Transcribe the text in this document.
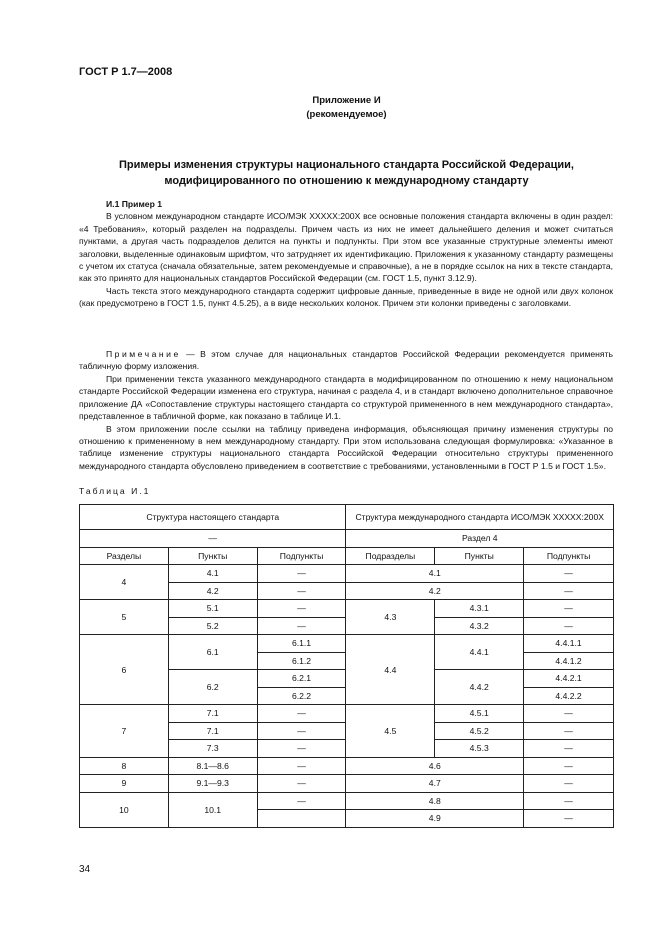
ГОСТ Р 1.7—2008
Приложение И
(рекомендуемое)
Примеры изменения структуры национального стандарта Российской Федерации,
модифицированного по отношению к международному стандарту

И.1 Пример 1

В условном международном стандарте ИСО/МЭК XXXXX:200X все основные положения стандарта включены в один раздел: «4 Требования», который разделен на подразделы. Причем часть из них не имеет дальнейшего деления и может считаться пунктами, а другая часть подразделов делится на пункты и подпункты. При этом все указанные структурные элементы имеют заголовки, выделенные одинаковым шрифтом, что затрудняет их идентификацию. Приложения к указанному стандарту размещены с учетом их статуса (сначала обязательные, затем рекомендуемые и справочные), а не в порядке ссылок на них в тексте стандарта, как это принято для национальных стандартов Российской Федерации (см. ГОСТ 1.5, пункт 3.12.9).

Часть текста этого международного стандарта содержит цифровые данные, приведенные в виде не одной или двух колонок (как предусмотрено в ГОСТ 1.5, пункт 4.5.25), а в виде нескольких колонок. Причем эти колонки приведены с заголовками.

Примечание — В этом случае для национальных стандартов Российской Федерации рекомендуется применять табличную форму изложения.

При применении текста указанного международного стандарта в модифицированном по отношению к нему национальном стандарте Российской Федерации изменена его структура, начиная с раздела 4, и в стандарт включено дополнительное справочное приложение ДА «Сопоставление структуры настоящего стандарта со структурой примененного в нем международного стандарта», представленное в табличной форме, как показано в таблице И.1.

В этом приложении после ссылки на таблицу приведена информация, объясняющая причину изменения структуры по отношению к примененному в нем международному стандарту. При этом использована следующая формулировка: «Указанное в таблице изменение структуры национального стандарта Российской Федерации относительно структуры примененного международного стандарта обусловлено приведением в соответствие с требованиями, установленными в ГОСТ Р 1.5 и ГОСТ 1.5».

Таблица И.1
Структура настоящего стандарта			Структура международного стандарта ИСО/МЭК XXXXX:200X		
—			Раздел 4		
Разделы	Пункты	Подпункты	Подразделы	Пункты	Подпункты
4	4.1	—	4.1		—
	4.2	—	4.2		—
5	5.1	—	4.3	4.3.1	—
	5.2	—		4.3.2	—
6	6.1	6.1.1	4.4	4.4.1	4.4.1.1
		6.1.2			4.4.1.2
	6.2	6.2.1		4.4.2	4.4.2.1
		6.2.2			4.4.2.2
7	7.1	—	4.5	4.5.1	—
	7.1	—		4.5.2	—
	7.3	—		4.5.3	—
8	8.1—8.6	—	4.6		—
9	9.1—9.3	—	4.7		—
10	10.1	—	4.8		—
			4.9		—
34
